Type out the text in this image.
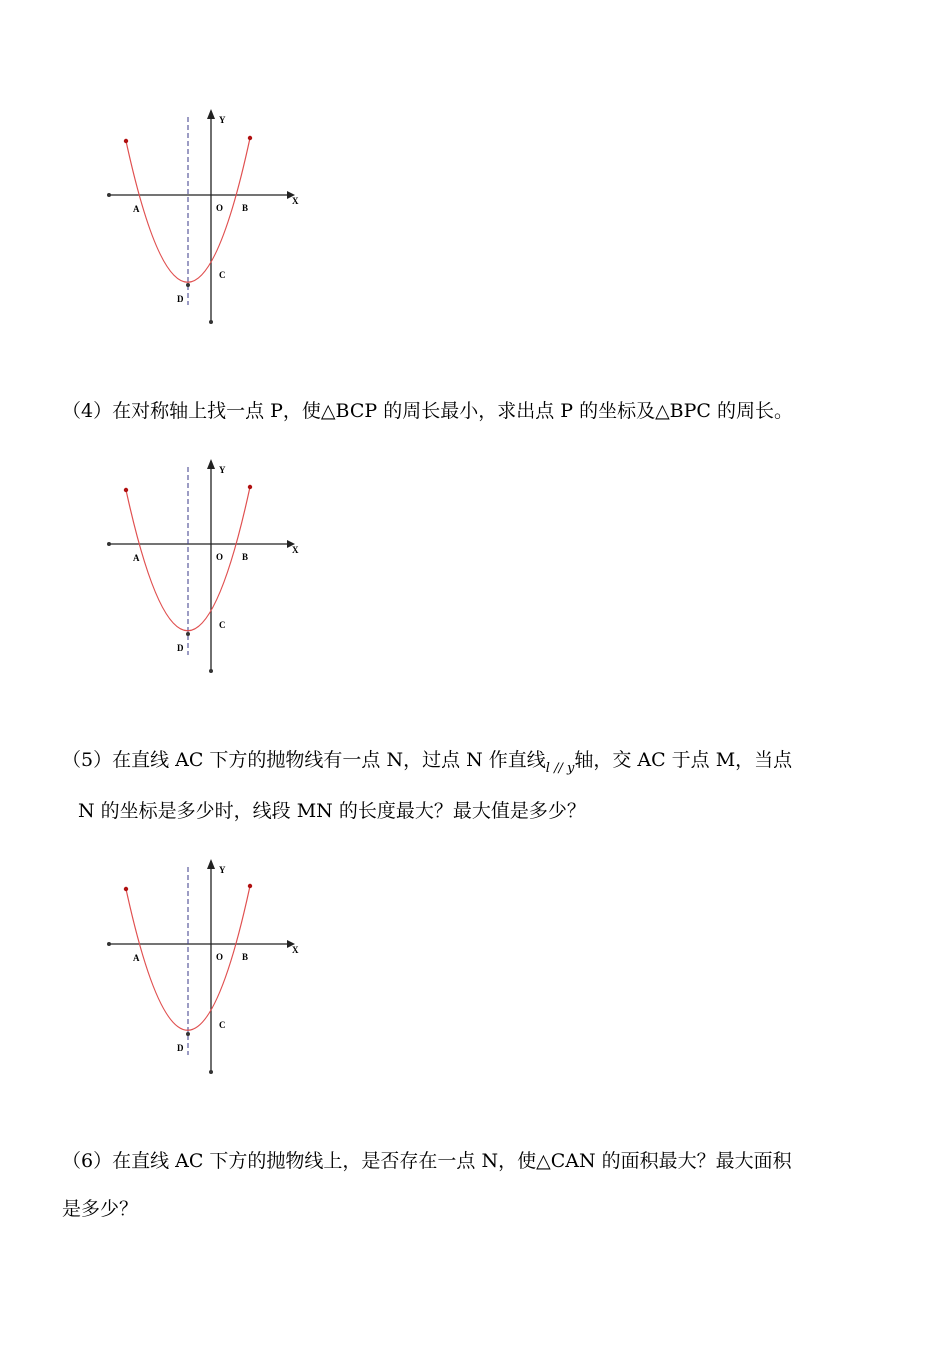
Y
X
A	O B
C
D
（4）在对称轴上找一点 P，使△BCP 的周长最小，求出点 P 的坐标及△BPC 的周长。
Y
X
A	O B
C
D
（5）在直线 AC 下方的抛物线有一点 N，过点 N 作直线$_{l // y}$轴，交 AC 于点 M，当点
N 的坐标是多少时，线段 MN 的长度最大？最大值是多少？
Y
X
A	O B
C
D
（6）在直线 AC 下方的抛物线上，是否存在一点 N，使△CAN 的面积最大？最大面积
是多少？
